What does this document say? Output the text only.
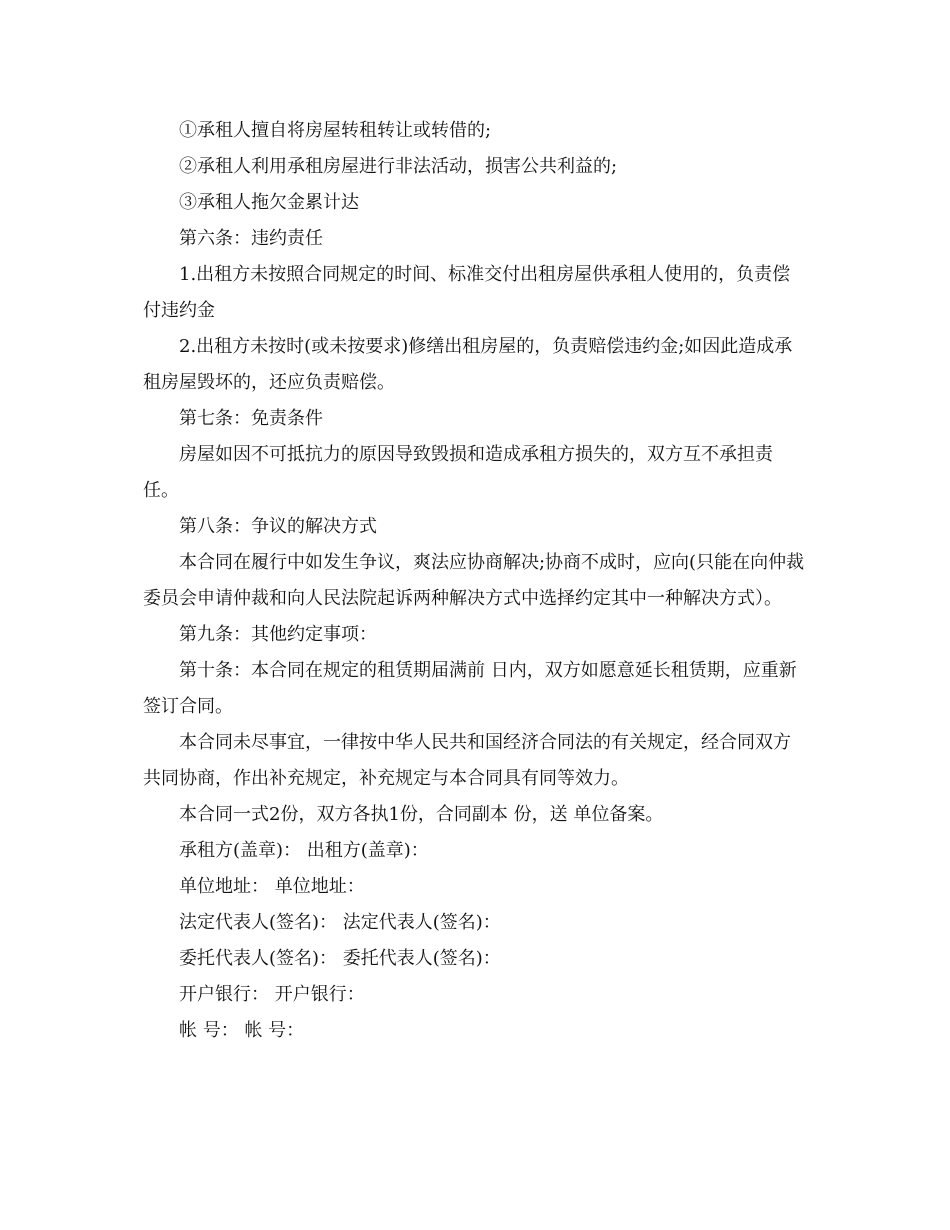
①承租人擅自将房屋转租转让或转借的;

②承租人利用承租房屋进行非法活动，损害公共利益的;

③承租人拖欠金累计达

第六条：违约责任

1.出租方未按照合同规定的时间、标准交付出租房屋供承租人使用的，负责偿付违约金

2.出租方未按时(或未按要求)修缮出租房屋的，负责赔偿违约金;如因此造成承租房屋毁坏的，还应负责赔偿。

第七条：免责条件

房屋如因不可抵抗力的原因导致毁损和造成承租方损失的，双方互不承担责任。

第八条：争议的解决方式

本合同在履行中如发生争议，爽法应协商解决;协商不成时，应向(只能在向仲裁委员会申请仲裁和向人民法院起诉两种解决方式中选择约定其中一种解决方式）。

第九条：其他约定事项：

第十条：本合同在规定的租赁期届满前 日内，双方如愿意延长租赁期，应重新签订合同。

本合同未尽事宜，一律按中华人民共和国经济合同法的有关规定，经合同双方共同协商，作出补充规定，补充规定与本合同具有同等效力。

本合同一式2份，双方各执1份，合同副本 份，送 单位备案。

承租方(盖章)： 出租方(盖章)：

单位地址： 单位地址：

法定代表人(签名)： 法定代表人(签名)：

委托代表人(签名)： 委托代表人(签名)：

开户银行： 开户银行：

帐 号： 帐 号：
